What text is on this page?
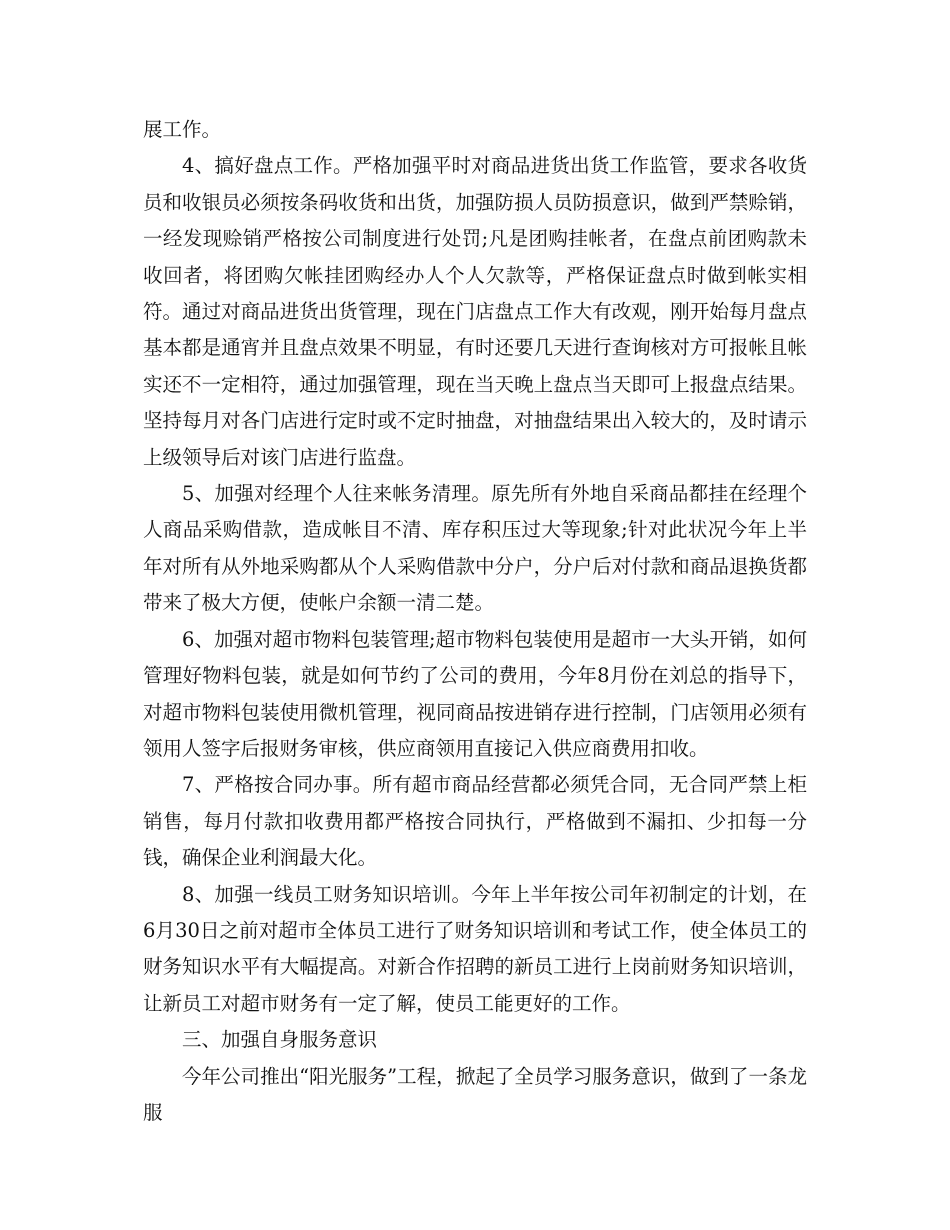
展工作。

4、搞好盘点工作。严格加强平时对商品进货出货工作监管，要求各收货员和收银员必须按条码收货和出货，加强防损人员防损意识，做到严禁赊销，一经发现赊销严格按公司制度进行处罚;凡是团购挂帐者，在盘点前团购款未收回者，将团购欠帐挂团购经办人个人欠款等，严格保证盘点时做到帐实相符。通过对商品进货出货管理，现在门店盘点工作大有改观，刚开始每月盘点基本都是通宵并且盘点效果不明显，有时还要几天进行查询核对方可报帐且帐实还不一定相符，通过加强管理，现在当天晚上盘点当天即可上报盘点结果。坚持每月对各门店进行定时或不定时抽盘，对抽盘结果出入较大的，及时请示上级领导后对该门店进行监盘。

5、加强对经理个人往来帐务清理。原先所有外地自采商品都挂在经理个人商品采购借款，造成帐目不清、库存积压过大等现象;针对此状况今年上半年对所有从外地采购都从个人采购借款中分户，分户后对付款和商品退换货都带来了极大方便，使帐户余额一清二楚。

6、加强对超市物料包装管理;超市物料包装使用是超市一大头开销，如何管理好物料包装，就是如何节约了公司的费用，今年8月份在刘总的指导下，对超市物料包装使用微机管理，视同商品按进销存进行控制，门店领用必须有领用人签字后报财务审核，供应商领用直接记入供应商费用扣收。

7、严格按合同办事。所有超市商品经营都必须凭合同，无合同严禁上柜销售，每月付款扣收费用都严格按合同执行，严格做到不漏扣、少扣每一分钱，确保企业利润最大化。

8、加强一线员工财务知识培训。今年上半年按公司年初制定的计划，在6月30日之前对超市全体员工进行了财务知识培训和考试工作，使全体员工的财务知识水平有大幅提高。对新合作招聘的新员工进行上岗前财务知识培训，让新员工对超市财务有一定了解，使员工能更好的工作。

三、加强自身服务意识

今年公司推出“阳光服务”工程，掀起了全员学习服务意识，做到了一条龙服
